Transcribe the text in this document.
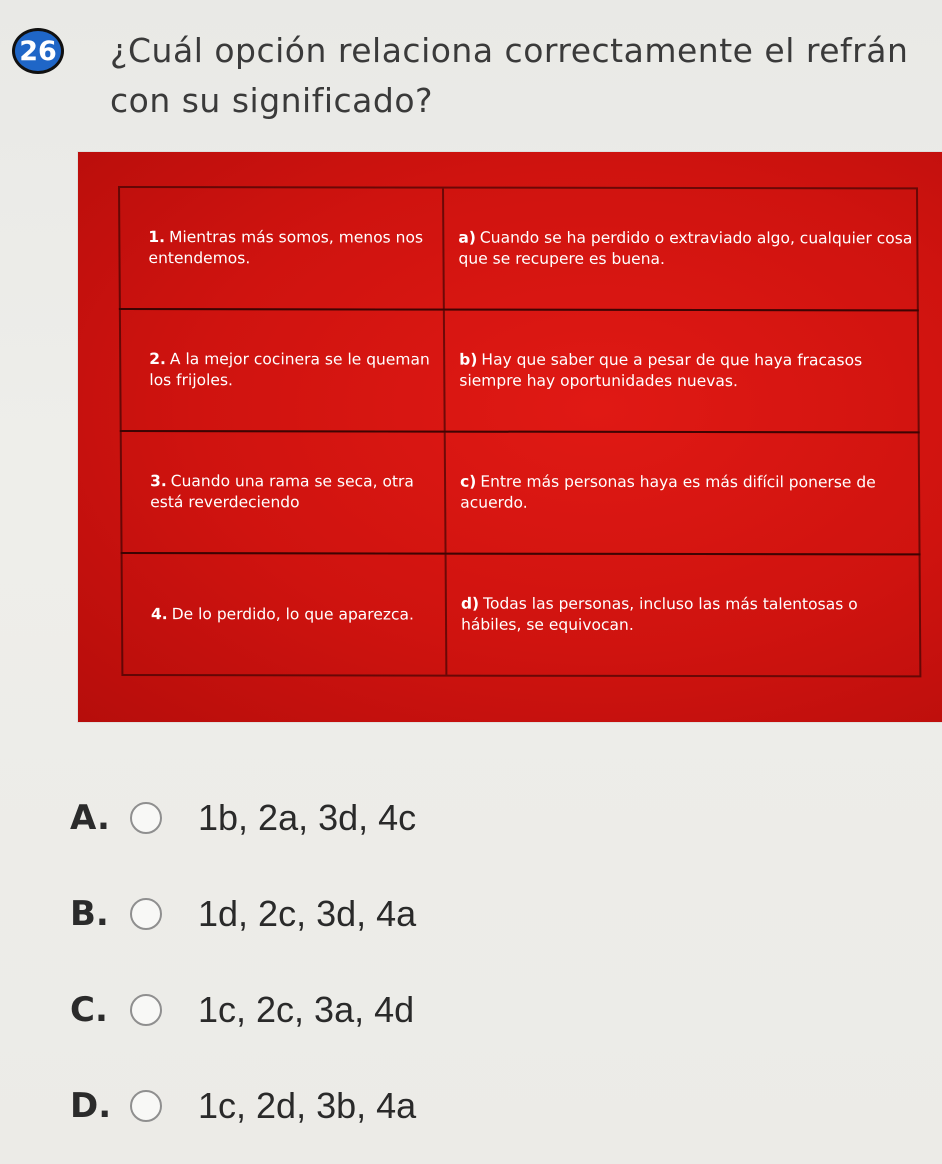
26 ¿Cuál opción relaciona correctamente el refrán con su significado?
1. Mientras más somos, menos nos entendemos.
a) Cuando se ha perdido o extraviado algo, cualquier cosa que se recupere es buena.
2. A la mejor cocinera se le queman los frijoles.
b) Hay que saber que a pesar de que haya fracasos siempre hay oportunidades nuevas.
3. Cuando una rama se seca, otra está reverdeciendo
c) Entre más personas haya es más difícil ponerse de acuerdo.
4. De lo perdido, lo que aparezca.
d) Todas las personas, incluso las más talentosas o hábiles, se equivocan.
A.	1b, 2a, 3d, 4c
B.	1d, 2c, 3d, 4a
C.	1c, 2c, 3a, 4d
D.	1c, 2d, 3b, 4a
